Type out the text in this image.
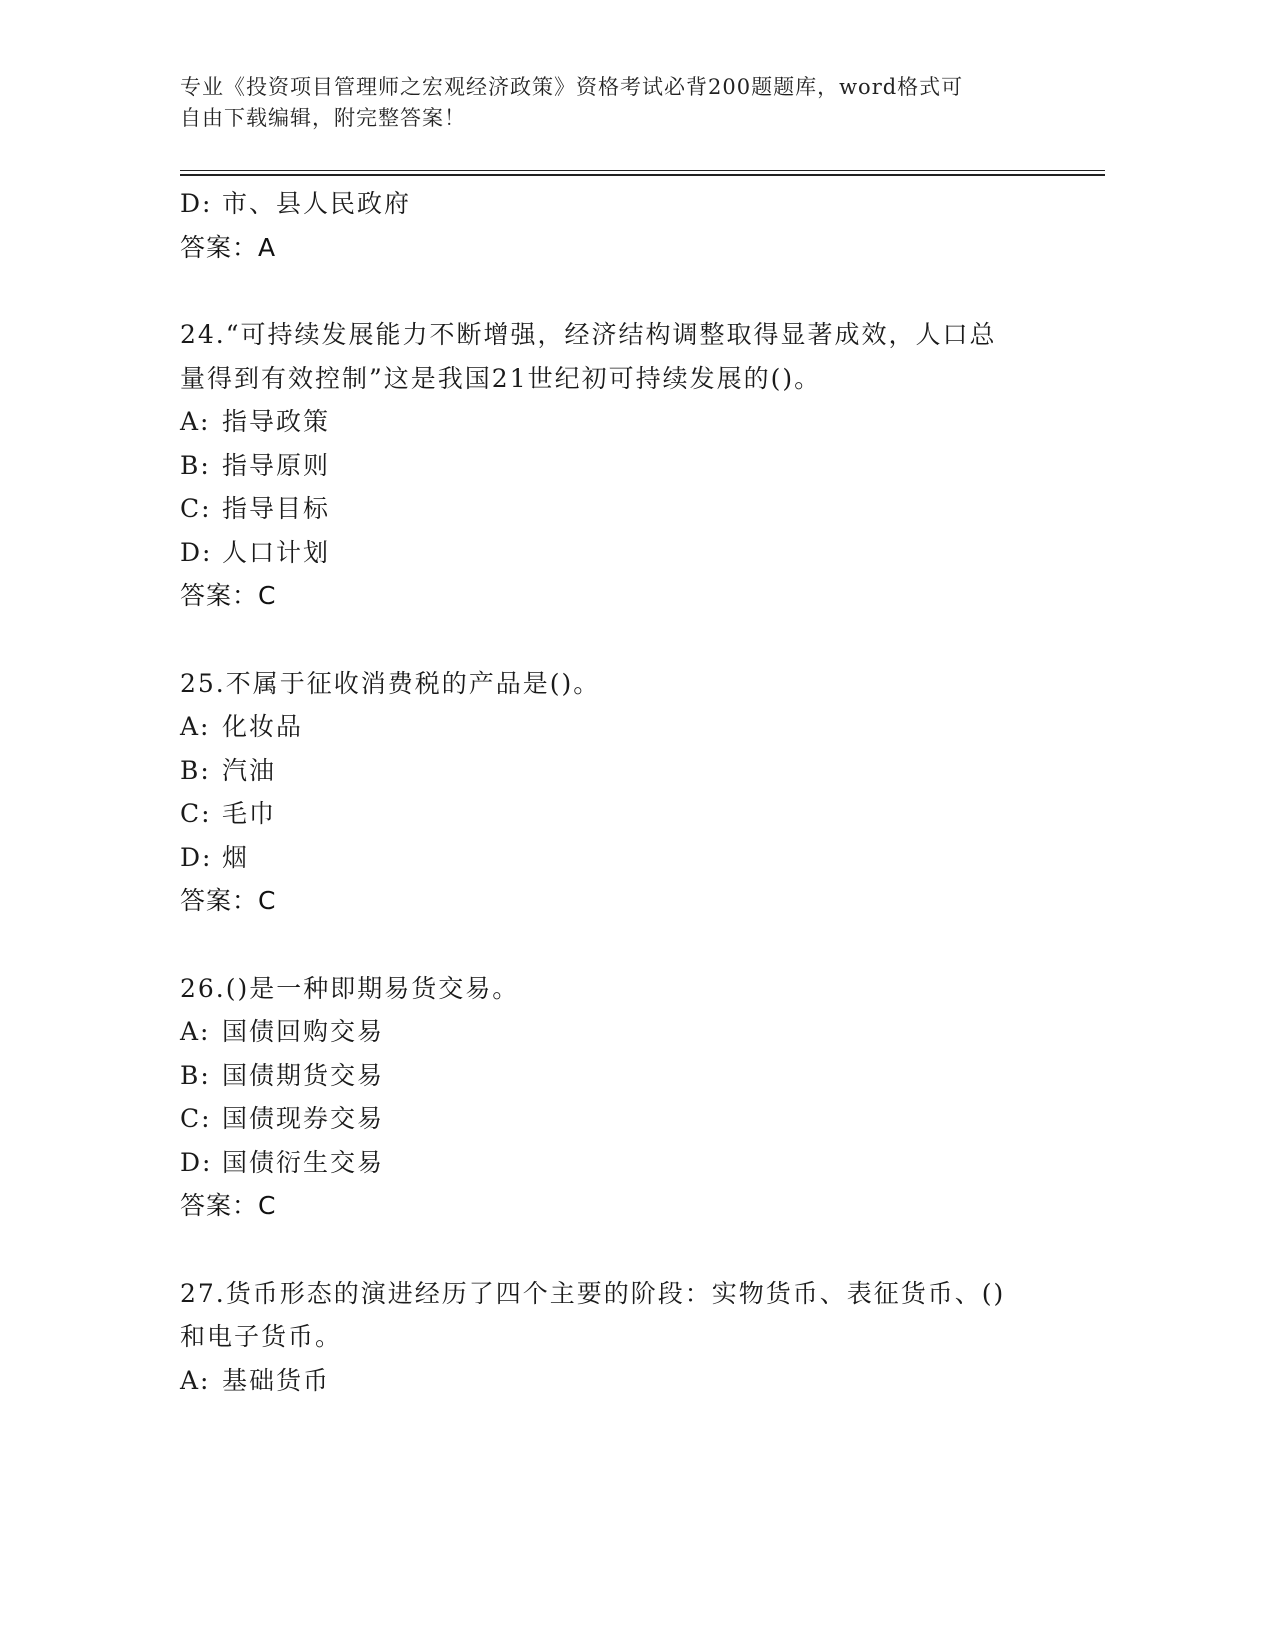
专业《投资项目管理师之宏观经济政策》资格考试必背200题题库，word格式可
自由下载编辑，附完整答案！
D: 市、县人民政府
答案：A
24.“可持续发展能力不断增强，经济结构调整取得显著成效，人口总
量得到有效控制”这是我国21世纪初可持续发展的()。
A: 指导政策
B: 指导原则
C: 指导目标
D: 人口计划
答案：C
25.不属于征收消费税的产品是()。
A: 化妆品
B: 汽油
C: 毛巾
D: 烟
答案：C
26.()是一种即期易货交易。
A: 国债回购交易
B: 国债期货交易
C: 国债现券交易
D: 国债衍生交易
答案：C
27.货币形态的演进经历了四个主要的阶段：实物货币、表征货币、()
和电子货币。
A: 基础货币
